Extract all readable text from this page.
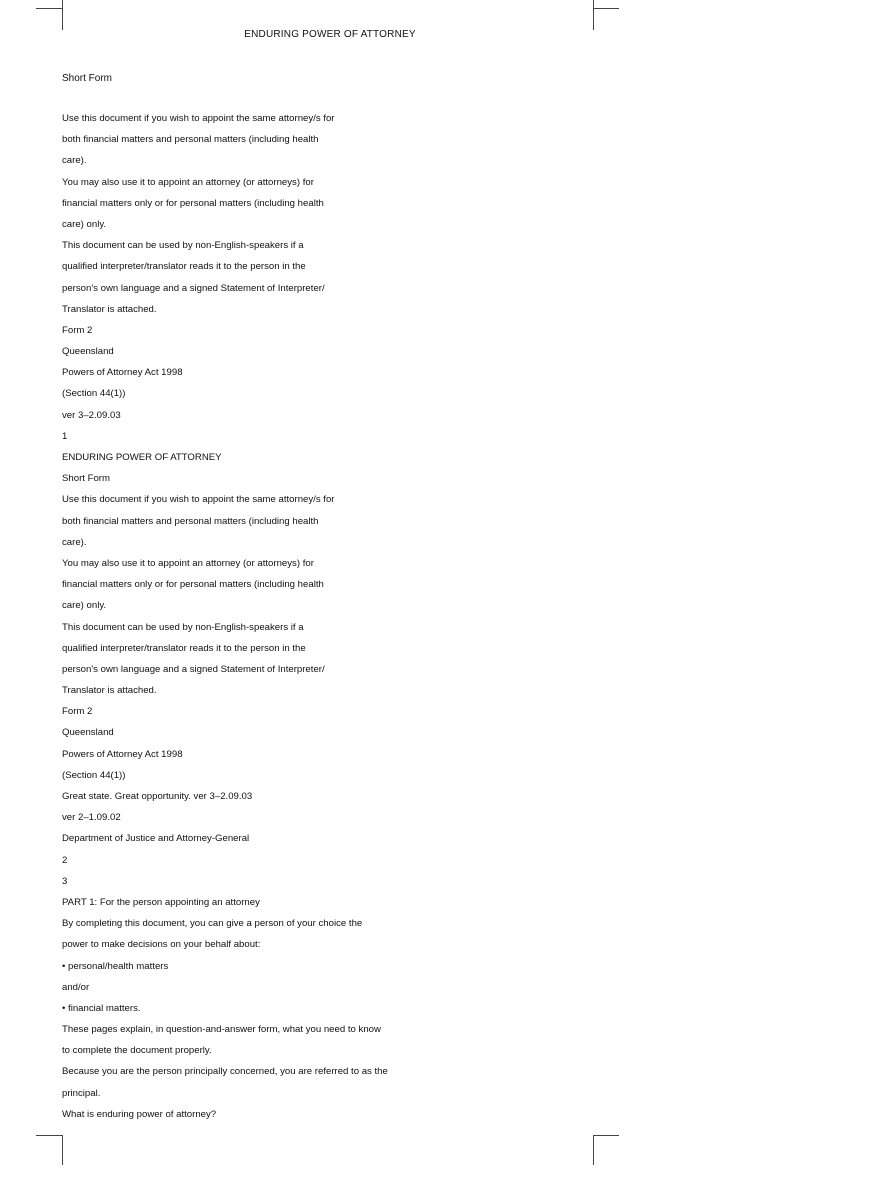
ENDURING POWER OF ATTORNEY
Short Form
Use this document if you wish to appoint the same attorney/s for
both financial matters and personal matters (including health
care).
You may also use it to appoint an attorney (or attorneys) for
financial matters only or for personal matters (including health
care) only.
This document can be used by non-English-speakers if a
qualified interpreter/translator reads it to the person in the
person's own language and a signed Statement of Interpreter/
Translator is attached.
Form 2
Queensland
Powers of Attorney Act 1998
(Section 44(1))
ver 3–2.09.03
1
ENDURING POWER OF ATTORNEY
Short Form
Use this document if you wish to appoint the same attorney/s for
both financial matters and personal matters (including health
care).
You may also use it to appoint an attorney (or attorneys) for
financial matters only or for personal matters (including health
care) only.
This document can be used by non-English-speakers if a
qualified interpreter/translator reads it to the person in the
person's own language and a signed Statement of Interpreter/
Translator is attached.
Form 2
Queensland
Powers of Attorney Act 1998
(Section 44(1))
Great state. Great opportunity. ver 3–2.09.03
ver 2–1.09.02
Department of Justice and Attorney-General
2
3
PART 1: For the person appointing an attorney
By completing this document, you can give a person of your choice the
power to make decisions on your behalf about:
• personal/health matters
and/or
• financial matters.
These pages explain, in question-and-answer form, what you need to know
to complete the document properly.
Because you are the person principally concerned, you are referred to as the
principal.
What is enduring power of attorney?
